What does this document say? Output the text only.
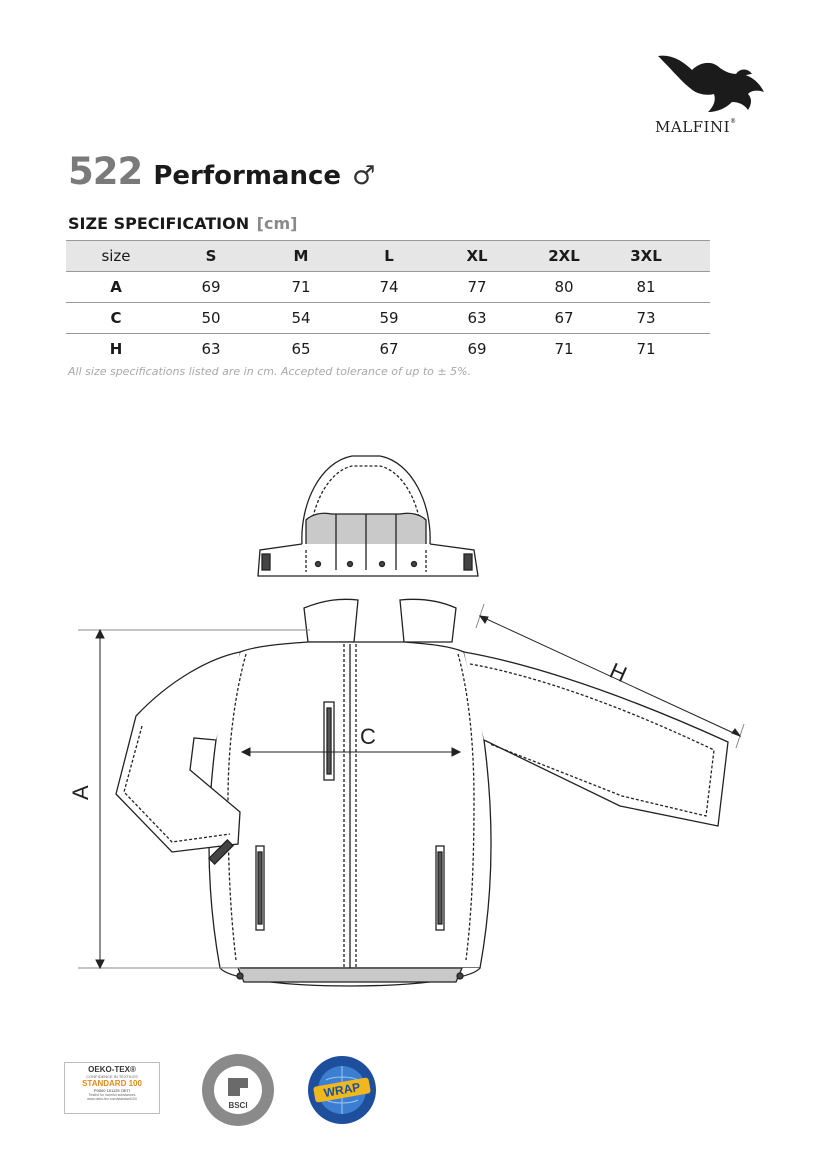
MALFINI®
522 Performance ♂
SIZE SPECIFICATION [cm]
size	S	M	L	XL	2XL	3XL	
A	69	71	74	77	80	81	
C	50	54	59	63	67	73	
H	63	65	67	69	71	71	
All size specifications listed are in cm. Accepted tolerance of up to ± 5%.
A
C
H
OEKO-TEX®
CONFIDENCE IN TEXTILES
STANDARD 100
P0000 151125 OETI
Tested for harmful substances
www.oeko-tex.com/standard100
BSCI
WRAP
